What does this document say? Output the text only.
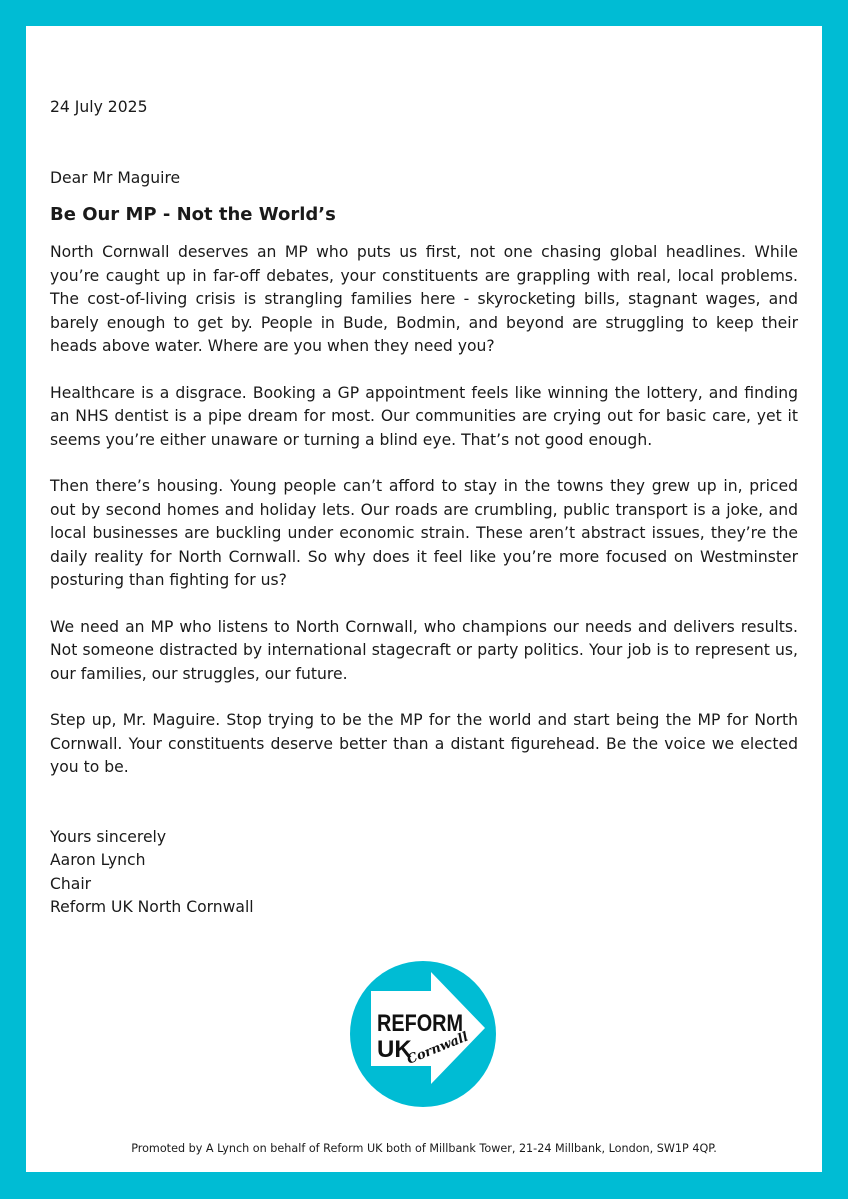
24 July 2025
Dear Mr Maguire
Be Our MP - Not the World’s
North Cornwall deserves an MP who puts us first, not one chasing global headlines. While you’re caught up in far-off debates, your constituents are grappling with real, local problems. The cost-of-living crisis is strangling families here - skyrocketing bills, stagnant wages, and barely enough to get by. People in Bude, Bodmin, and beyond are struggling to keep their heads above water. Where are you when they need you?
Healthcare is a disgrace. Booking a GP appointment feels like winning the lottery, and finding an NHS dentist is a pipe dream for most. Our communities are crying out for basic care, yet it seems you’re either unaware or turning a blind eye. That’s not good enough.
Then there’s housing. Young people can’t afford to stay in the towns they grew up in, priced out by second homes and holiday lets. Our roads are crumbling, public transport is a joke, and local businesses are buckling under economic strain. These aren’t abstract issues, they’re the daily reality for North Cornwall. So why does it feel like you’re more focused on Westminster posturing than fighting for us?
We need an MP who listens to North Cornwall, who champions our needs and delivers results. Not someone distracted by international stagecraft or party politics. Your job is to represent us, our families, our struggles, our future.
Step up, Mr. Maguire. Stop trying to be the MP for the world and start being the MP for North Cornwall. Your constituents deserve better than a distant figurehead. Be the voice we elected you to be.
Yours sincerely
Aaron Lynch
Chair
Reform UK North Cornwall
REFORM
UK
Cornwall
Promoted by A Lynch on behalf of Reform UK both of Millbank Tower, 21-24 Millbank, London, SW1P 4QP.
